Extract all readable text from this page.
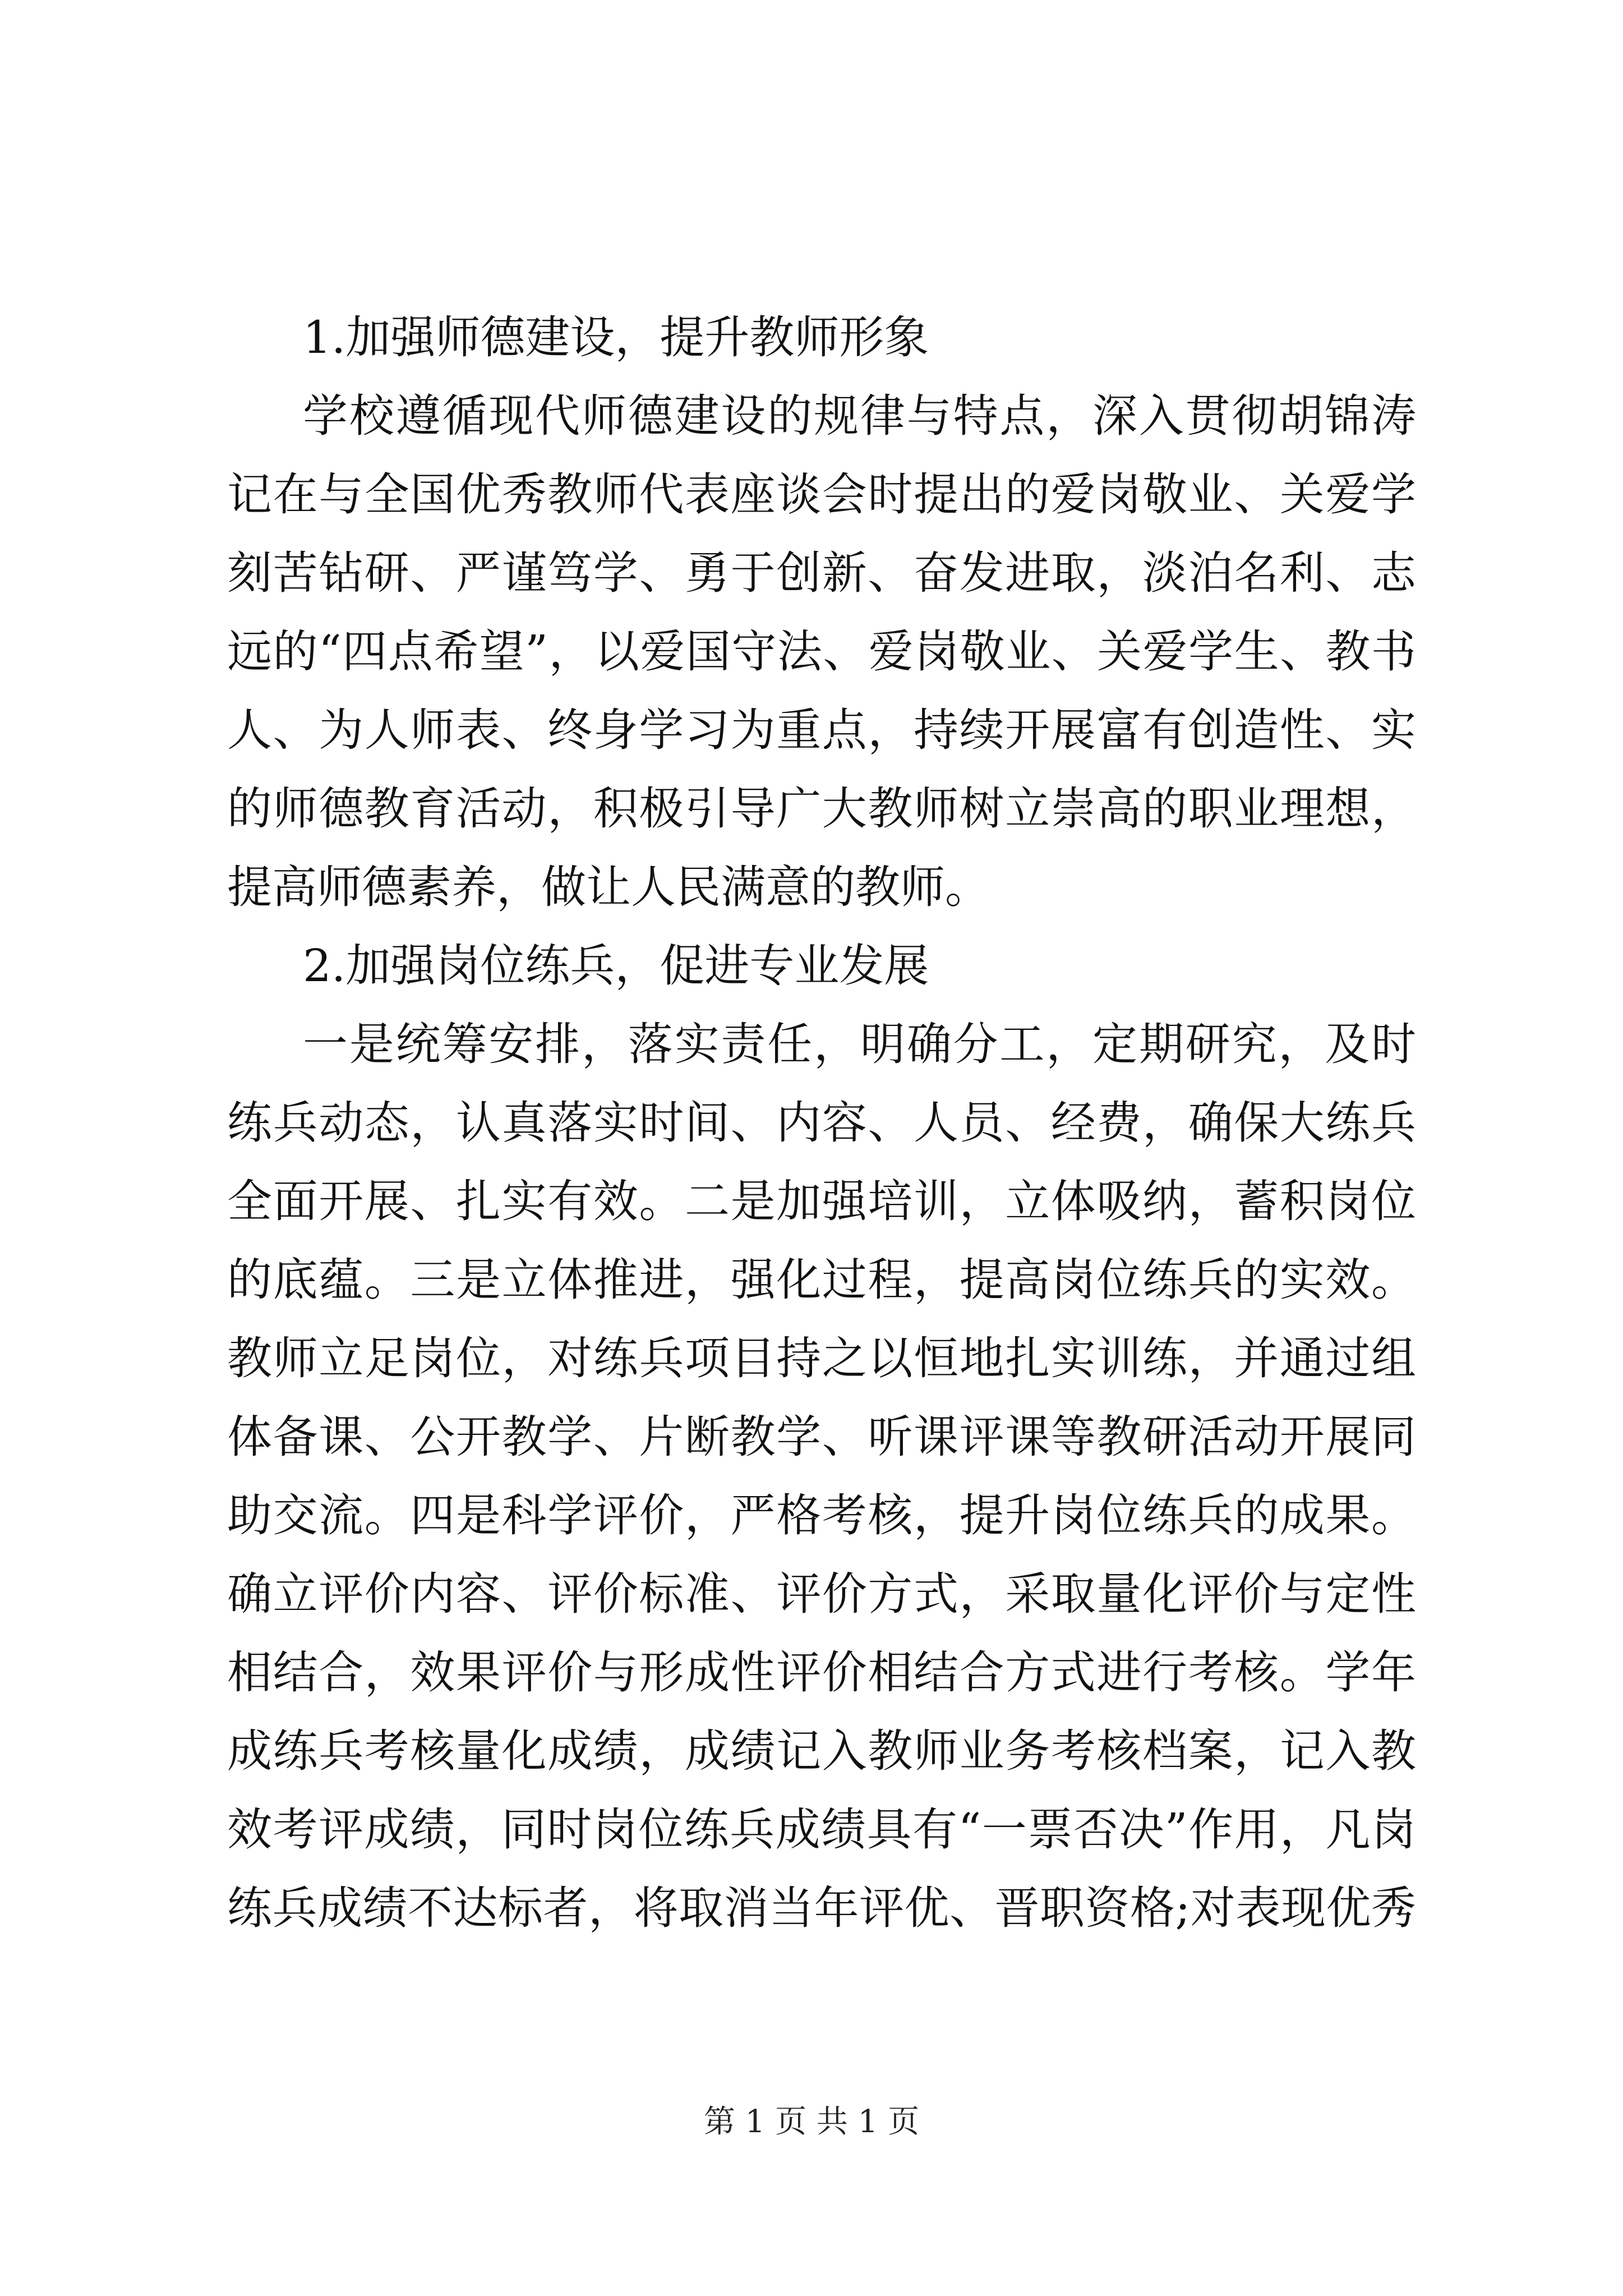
1.加强师德建设，提升教师形象
学校遵循现代师德建设的规律与特点，深入贯彻胡锦涛
记在与全国优秀教师代表座谈会时提出的爱岗敬业、关爱学
刻苦钻研、严谨笃学、勇于创新、奋发进取，淡泊名利、志
远的“四点希望”，以爱国守法、爱岗敬业、关爱学生、教书
人、为人师表、终身学习为重点，持续开展富有创造性、实
的师德教育活动，积极引导广大教师树立崇高的职业理想，
提高师德素养，做让人民满意的教师。
2.加强岗位练兵，促进专业发展
一是统筹安排，落实责任，明确分工，定期研究，及时
练兵动态，认真落实时间、内容、人员、经费，确保大练兵
全面开展、扎实有效。二是加强培训，立体吸纳，蓄积岗位
的底蕴。三是立体推进，强化过程，提高岗位练兵的实效。
教师立足岗位，对练兵项目持之以恒地扎实训练，并通过组
体备课、公开教学、片断教学、听课评课等教研活动开展同
助交流。四是科学评价，严格考核，提升岗位练兵的成果。
确立评价内容、评价标准、评价方式，采取量化评价与定性
相结合，效果评价与形成性评价相结合方式进行考核。学年
成练兵考核量化成绩，成绩记入教师业务考核档案，记入教
效考评成绩，同时岗位练兵成绩具有“一票否决”作用，凡岗
练兵成绩不达标者，将取消当年评优、晋职资格;对表现优秀
第 1 页 共 1 页
